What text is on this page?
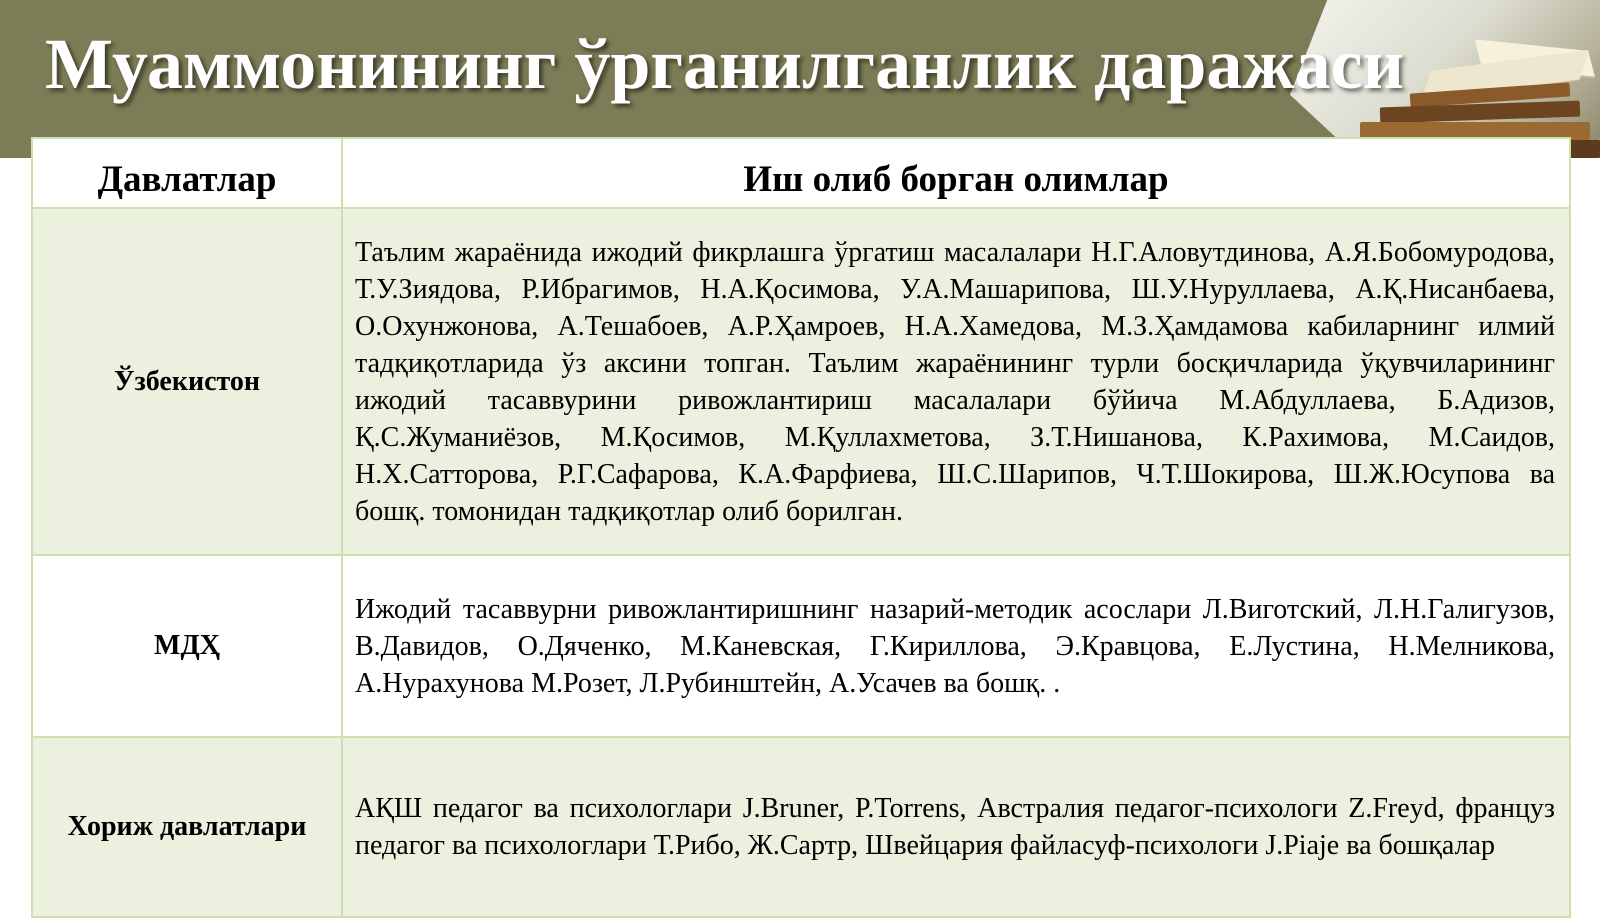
Муаммонининг ўрганилганлик даражаси
Давлатлар	Иш олиб борган олимлар
Ўзбекистон	Таълим жараёнида ижодий фикрлашга ўргатиш масалалари Н.Г.Аловутдинова, А.Я.Бобомуродова, Т.У.Зиядова, Р.Ибрагимов, Н.А.Қосимова, У.А.Машарипова, Ш.У.Нуруллаева, А.Қ.Нисанбаева, О.Охунжонова, А.Тешабоев, А.Р.Ҳамроев, Н.А.Хамедова, М.З.Ҳамдамова кабиларнинг илмий тадқиқотларида ўз аксини топган. Таълим жараёнининг турли босқичларида ўқувчиларининг ижодий тасаввурини ривожлантириш масалалари бўйича М.Абдуллаева, Б.Адизов, Қ.С.Жуманиёзов, М.Қосимов, М.Қуллахметова, З.Т.Нишанова, К.Рахимова, М.Саидов, Н.Х.Сатторова, Р.Г.Сафарова, К.А.Фарфиева, Ш.С.Шарипов, Ч.Т.Шокирова, Ш.Ж.Юсупова ва бошқ. томонидан тадқиқотлар олиб борилган.
МДҲ	Ижодий тасаввурни ривожлантиришнинг назарий-методик асослари Л.Виготский, Л.Н.Галигузов, В.Давидов, О.Дяченко, М.Каневская, Г.Кириллова, Э.Кравцова, Е.Лустина, Н.Мелникова, А.Нурахунова М.Розет, Л.Рубинштейн, А.Усачев ва бошқ. .
Хориж давлатлари	АҚШ педагог ва психологлари J.Bruner, P.Torrens, Австралия педагог-психологи Z.Freyd, француз педагог ва психологлари Т.Рибо, Ж.Сартр, Швейцария файласуф-психологи J.Piaje ва бошқалар
